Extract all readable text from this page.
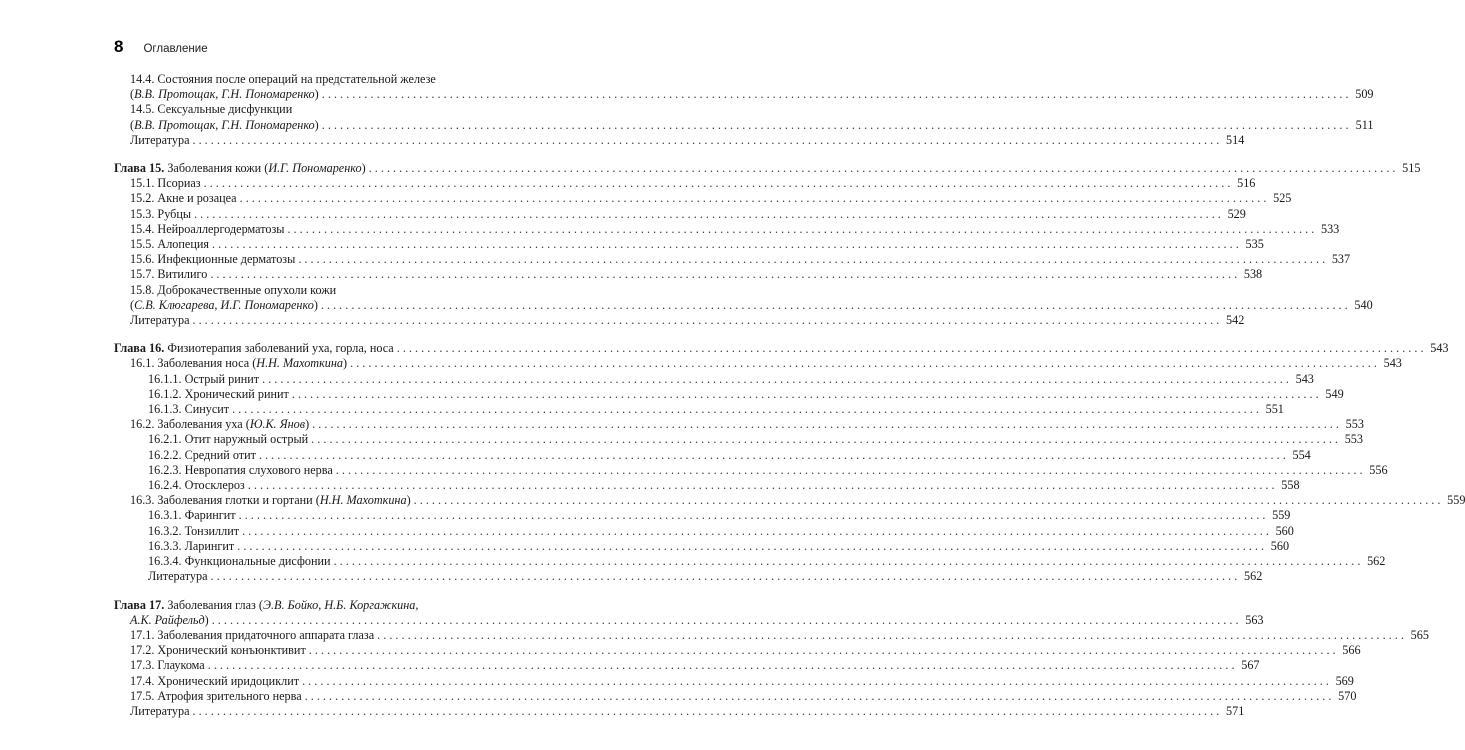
8 Оглавление
14.4. Состояния после операций на предстательной железе
(В.В. Протощак, Г.Н. Пономаренко) . . .	509
14.5. Сексуальные дисфункции
(В.В. Протощак, Г.Н. Пономаренко) . . .	511
Литература . . .	514
Глава 15. Заболевания кожи (И.Г. Пономаренко) . . .	515
15.1. Псориаз . . .	516
15.2. Акне и розацеа . . .	525
15.3. Рубцы . . .	529
15.4. Нейроаллергодерматозы . . .	533
15.5. Алопеция . . .	535
15.6. Инфекционные дерматозы . . .	537
15.7. Витилиго . . .	538
15.8. Доброкачественные опухоли кожи
(С.В. Клюгарева, И.Г. Пономаренко) . . .	540
Литература . . .	542
Глава 16. Физиотерапия заболеваний уха, горла, носа . . .	543
16.1. Заболевания носа (Н.Н. Махоткина) . . .	543
16.1.1. Острый ринит . . .	543
16.1.2. Хронический ринит . . .	549
16.1.3. Синусит . . .	551
16.2. Заболевания уха (Ю.К. Янов) . . .	553
16.2.1. Отит наружный острый . . .	553
16.2.2. Средний отит . . .	554
16.2.3. Невропатия слухового нерва . . .	556
16.2.4. Отосклероз . . .	558
16.3. Заболевания глотки и гортани (Н.Н. Махоткина) . . .	559
16.3.1. Фарингит . . .	559
16.3.2. Тонзиллит . . .	560
16.3.3. Ларингит . . .	560
16.3.4. Функциональные дисфонии . . .	562
Литература . . .	562
Глава 17. Заболевания глаз (Э.В. Бойко, Н.Б. Коргажкина,
А.К. Райфельд) . . .	563
17.1. Заболевания придаточного аппарата глаза . . .	565
17.2. Хронический конъюнктивит . . .	566
17.3. Глаукома . . .	567
17.4. Хронический иридоциклит . . .	569
17.5. Атрофия зрительного нерва . . .	570
Литература . . .	571
